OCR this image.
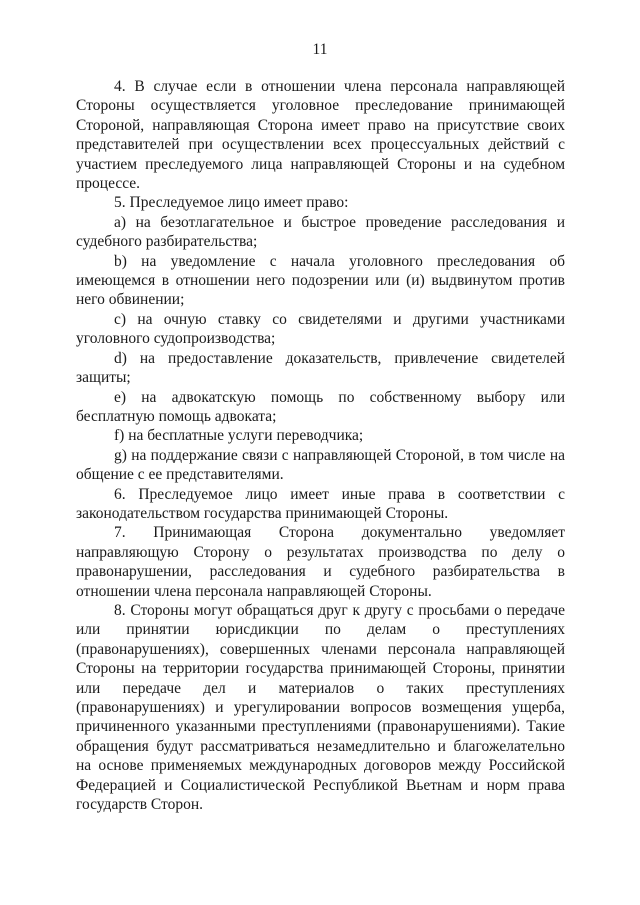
11

4. В случае если в отношении члена персонала направляющей Стороны осуществляется уголовное преследование принимающей Стороной, направляющая Сторона имеет право на присутствие своих представителей при осуществлении всех процессуальных действий с участием преследуемого лица направляющей Стороны и на судебном процессе.

5. Преследуемое лицо имеет право:

a) на безотлагательное и быстрое проведение расследования и судебного разбирательства;

b) на уведомление с начала уголовного преследования об имеющемся в отношении него подозрении или (и) выдвинутом против него обвинении;

c) на очную ставку со свидетелями и другими участниками уголовного судопроизводства;

d) на предоставление доказательств, привлечение свидетелей защиты;

e) на адвокатскую помощь по собственному выбору или бесплатную помощь адвоката;

f) на бесплатные услуги переводчика;

g) на поддержание связи с направляющей Стороной, в том числе на общение с ее представителями.

6. Преследуемое лицо имеет иные права в соответствии с законодательством государства принимающей Стороны.

7. Принимающая Сторона документально уведомляет направляющую Сторону о результатах производства по делу о правонарушении, расследования и судебного разбирательства в отношении члена персонала направляющей Стороны.

8. Стороны могут обращаться друг к другу с просьбами о передаче или принятии юрисдикции по делам о преступлениях (правонарушениях), совершенных членами персонала направляющей Стороны на территории государства принимающей Стороны, принятии или передаче дел и материалов о таких преступлениях (правонарушениях) и урегулировании вопросов возмещения ущерба, причиненного указанными преступлениями (правонарушениями). Такие обращения будут рассматриваться незамедлительно и благожелательно на основе применяемых международных договоров между Российской Федерацией и Социалистической Республикой Вьетнам и норм права государств Сторон.
